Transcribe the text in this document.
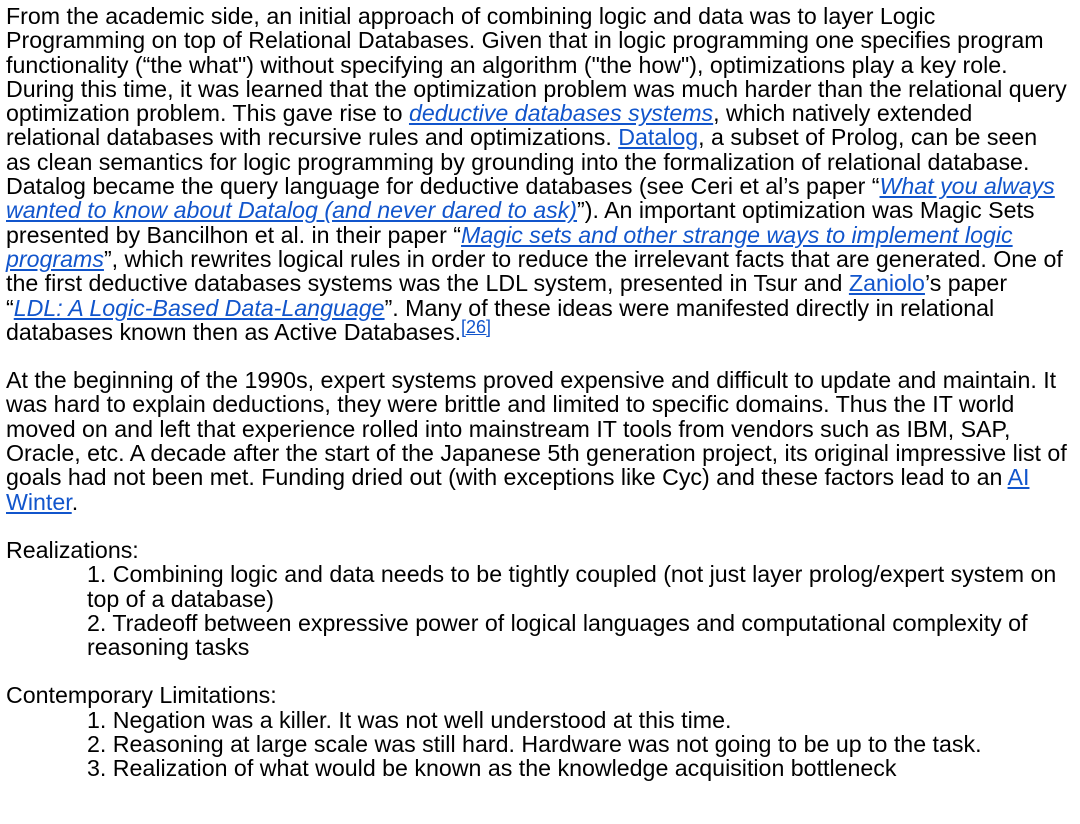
From the academic side, an initial approach of combining logic and data was to layer Logic Programming on top of Relational Databases. Given that in logic programming one specifies program functionality (“the what") without specifying an algorithm ("the how"), optimizations play a key role. During this time, it was learned that the optimization problem was much harder than the relational query optimization problem. This gave rise to deductive databases systems, which natively extended relational databases with recursive rules and optimizations. Datalog, a subset of Prolog, can be seen as clean semantics for logic programming by grounding into the formalization of relational database. Datalog became the query language for deductive databases (see Ceri et al’s paper “What you always wanted to know about Datalog (and never dared to ask)”). An important optimization was Magic Sets presented by Bancilhon et al. in their paper “Magic sets and other strange ways to implement logic programs”, which rewrites logical rules in order to reduce the irrelevant facts that are generated. One of the first deductive databases systems was the LDL system, presented in Tsur and Zaniolo’s paper “LDL: A Logic-Based Data-Language”. Many of these ideas were manifested directly in relational databases known then as Active Databases.[26]

At the beginning of the 1990s, expert systems proved expensive and difficult to update and maintain. It was hard to explain deductions, they were brittle and limited to specific domains. Thus the IT world moved on and left that experience rolled into mainstream IT tools from vendors such as IBM, SAP, Oracle, etc. A decade after the start of the Japanese 5th generation project, its original impressive list of goals had not been met. Funding dried out (with exceptions like Cyc) and these factors lead to an AI Winter.

Realizations:

1. Combining logic and data needs to be tightly coupled (not just layer prolog/expert system on top of a database)
2. Tradeoff between expressive power of logical languages and computational complexity of reasoning tasks

Contemporary Limitations:

1. Negation was a killer. It was not well understood at this time.
2. Reasoning at large scale was still hard. Hardware was not going to be up to the task.
3. Realization of what would be known as the knowledge acquisition bottleneck
